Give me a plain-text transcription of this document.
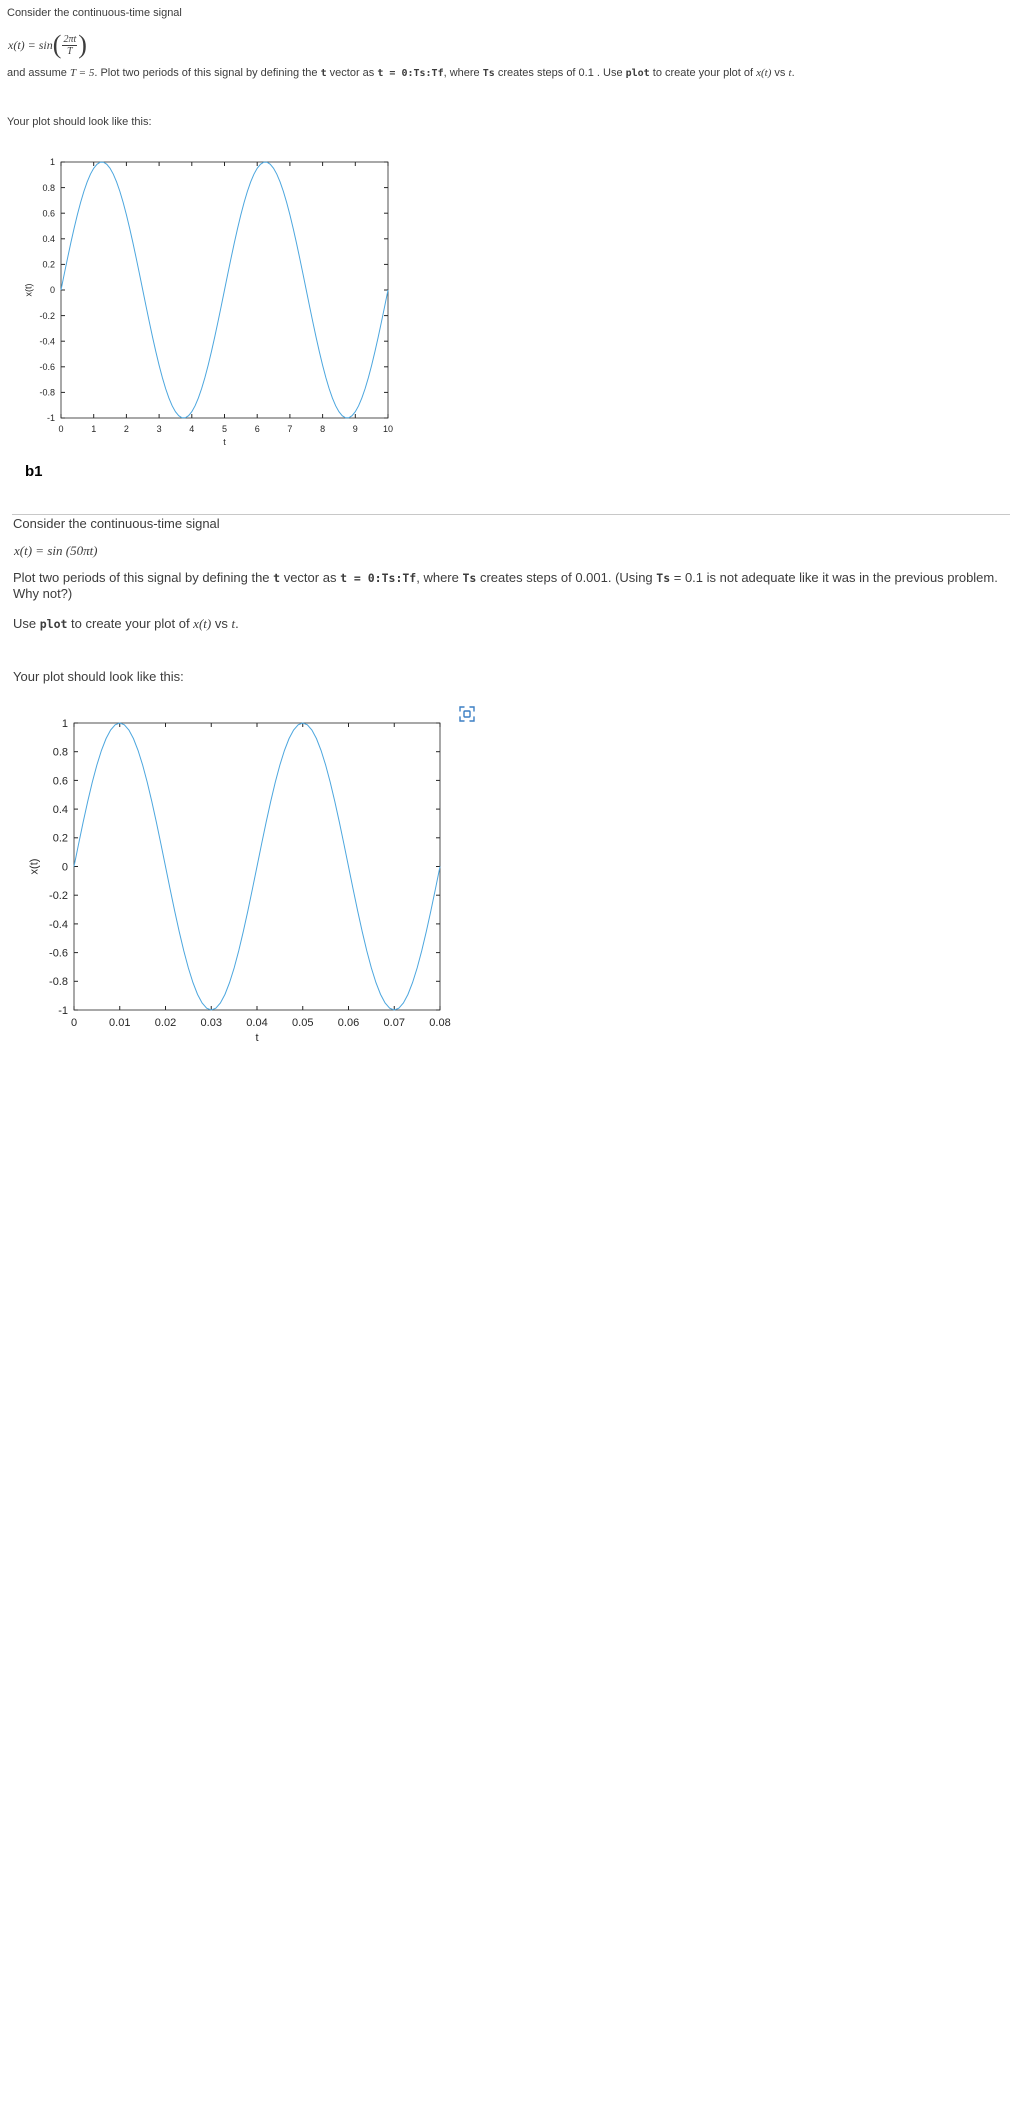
Consider the continuous-time signal
x(t) = sin ( $\frac{2\pi t}{T}$ )
and assume T = 5. Plot two periods of this signal by defining the t vector as t = 0:Ts:Tf, where Ts creates steps of 0.1 . Use plot to create your plot of x(t) vs t.
Your plot should look like this:
0	1	2	3	4	5	6	7	8	9	10
1
0.8
0.6
0.4
0.2
0
-0.2
-0.4
-0.6
-0.8
-1
t
x(t)
b1
Consider the continuous-time signal
x(t) = sin (50πt)
Plot two periods of this signal by defining the t vector as t = 0:Ts:Tf, where Ts creates steps of 0.001. (Using Ts = 0.1 is not adequate like it was in the previous problem. Why not?)
Use plot to create your plot of x(t) vs t.
Your plot should look like this:
0	0.01 0.02 0.03 0.04 0.05 0.06 0.07 0.08
1
0.8
0.6
0.4
0.2
0
-0.2
-0.4
-0.6
-0.8
-1
t
x(t)
